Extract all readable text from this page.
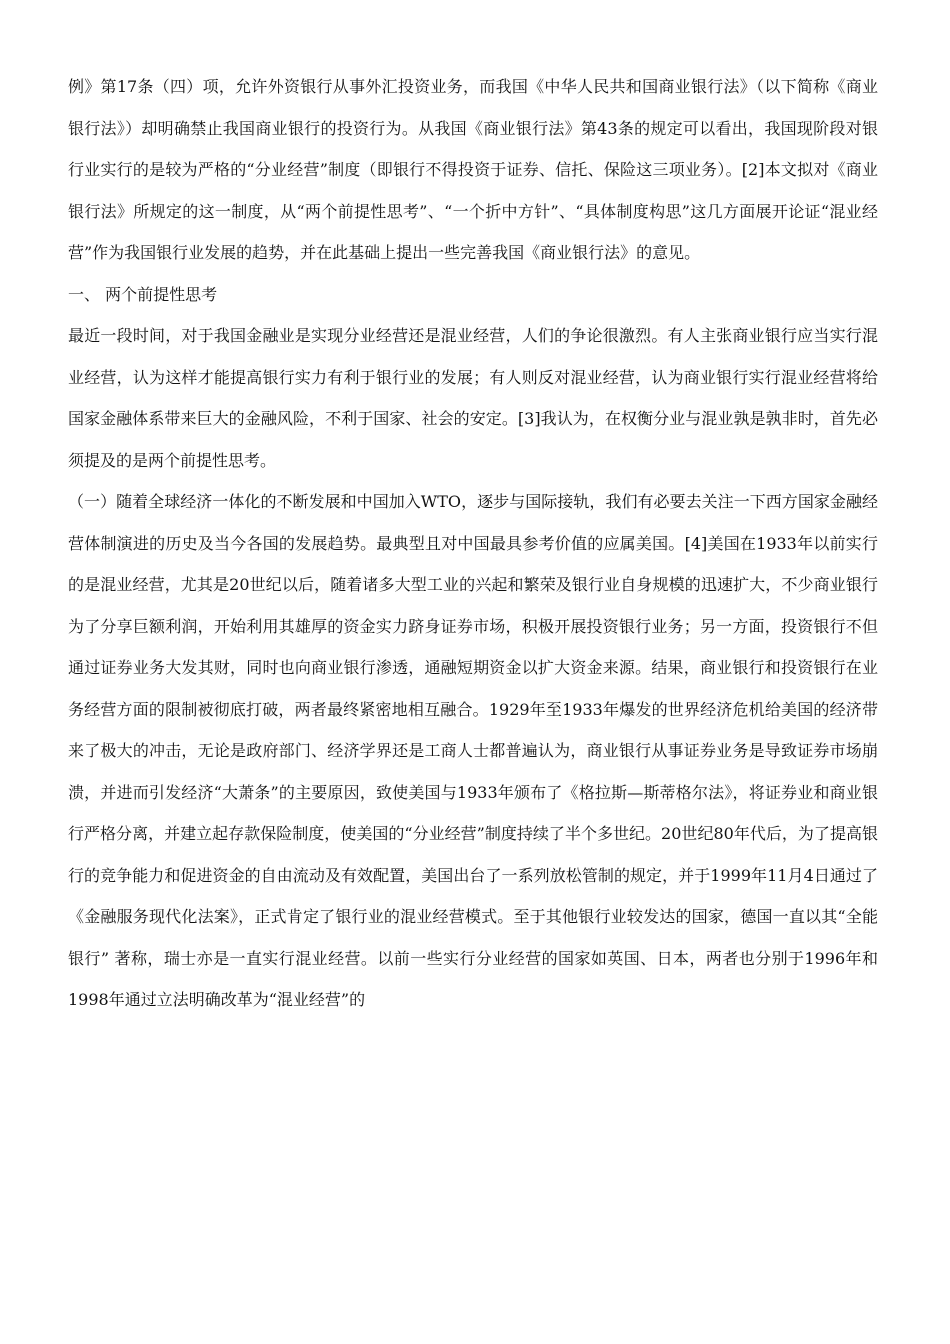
例》第17条（四）项，允许外资银行从事外汇投资业务，而我国《中华人民共和国商业银行法》（以下简称《商业银行法》）却明确禁止我国商业银行的投资行为。从我国《商业银行法》第43条的规定可以看出，我国现阶段对银行业实行的是较为严格的“分业经营”制度（即银行不得投资于证券、信托、保险这三项业务）。[2]本文拟对《商业银行法》所规定的这一制度，从“两个前提性思考”、“一个折中方针”、“具体制度构思”这几方面展开论证“混业经营”作为我国银行业发展的趋势，并在此基础上提出一些完善我国《商业银行法》的意见。

一、 两个前提性思考

最近一段时间，对于我国金融业是实现分业经营还是混业经营，人们的争论很激烈。有人主张商业银行应当实行混业经营，认为这样才能提高银行实力有利于银行业的发展；有人则反对混业经营，认为商业银行实行混业经营将给国家金融体系带来巨大的金融风险，不利于国家、社会的安定。[3]我认为，在权衡分业与混业孰是孰非时，首先必须提及的是两个前提性思考。

（一）随着全球经济一体化的不断发展和中国加入WTO，逐步与国际接轨，我们有必要去关注一下西方国家金融经营体制演进的历史及当今各国的发展趋势。最典型且对中国最具参考价值的应属美国。[4]美国在1933年以前实行的是混业经营，尤其是20世纪以后，随着诸多大型工业的兴起和繁荣及银行业自身规模的迅速扩大，不少商业银行为了分享巨额利润，开始利用其雄厚的资金实力跻身证券市场，积极开展投资银行业务；另一方面，投资银行不但通过证券业务大发其财，同时也向商业银行渗透，通融短期资金以扩大资金来源。结果，商业银行和投资银行在业务经营方面的限制被彻底打破，两者最终紧密地相互融合。1929年至1933年爆发的世界经济危机给美国的经济带来了极大的冲击，无论是政府部门、经济学界还是工商人士都普遍认为，商业银行从事证券业务是导致证券市场崩溃，并进而引发经济“大萧条”的主要原因，致使美国与1933年颁布了《格拉斯—斯蒂格尔法》，将证券业和商业银行严格分离，并建立起存款保险制度，使美国的“分业经营”制度持续了半个多世纪。20世纪80年代后，为了提高银行的竞争能力和促进资金的自由流动及有效配置，美国出台了一系列放松管制的规定，并于1999年11月4日通过了《金融服务现代化法案》，正式肯定了银行业的混业经营模式。至于其他银行业较发达的国家，德国一直以其“全能银行” 著称，瑞士亦是一直实行混业经营。以前一些实行分业经营的国家如英国、日本，两者也分别于1996年和1998年通过立法明确改革为“混业经营”的
